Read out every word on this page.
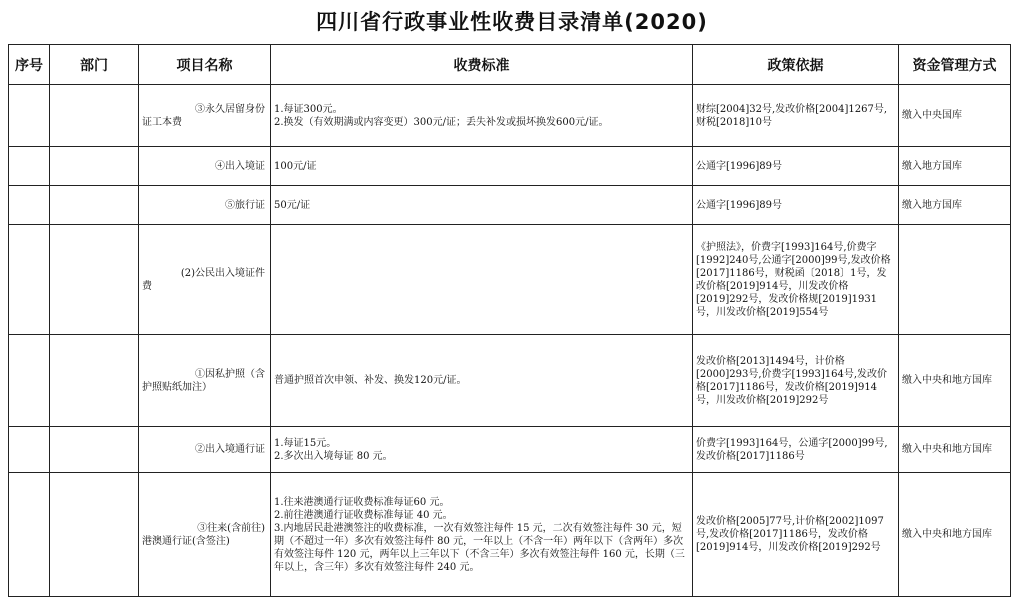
四川省行政事业性收费目录清单(2020)
序号	部门	项目名称	收费标准	政策依据	资金管理方式

		③永久居留身份
证工本费	1.每证300元。
2.换发（有效期满或内容变更）300元/证；丢失补发或损坏换发600元/证。	财综[2004]32号,发改价格[2004]1267号,财税[2018]10号	缴入中央国库

		④出入境证	100元/证	公通字[1996]89号	缴入地方国库

		⑤旅行证	50元/证	公通字[1996]89号	缴入地方国库

		(2)公民出入境证件
费		《护照法》，价费字[1993]164号,价费字[1992]240号,公通字[2000]99号,发改价格[2017]1186号，财税函〔2018〕1号，发改价格[2019]914号，川发改价格[2019]292号，发改价格规[2019]1931号，川发改价格[2019]554号	

		①因私护照（含
护照贴纸加注）	普通护照首次申领、补发、换发120元/证。	发改价格[2013]1494号，计价格[2000]293号,价费字[1993]164号,发改价格[2017]1186号，发改价格[2019]914号，川发改价格[2019]292号	缴入中央和地方国库

		②出入境通行证	1.每证15元。
2.多次出入境每证 80 元。	价费字[1993]164号，公通字[2000]99号,发改价格[2017]1186号	缴入中央和地方国库

		③往来(含前往)
港澳通行证(含签注)	1.往来港澳通行证收费标准每证60 元。
2.前往港澳通行证收费标准每证 40 元。
3.内地居民赴港澳签注的收费标准，一次有效签注每件 15 元，二次有效签注每件 30 元，短期（不超过一年）多次有效签注每件 80 元，一年以上（不含一年）两年以下（含两年）多次有效签注每件 120 元，两年以上三年以下（不含三年）多次有效签注每件 160 元，长期（三年以上，含三年）多次有效签注每件 240 元。	发改价格[2005]77号,计价格[2002]1097号,发改价格[2017]1186号，发改价格[2019]914号，川发改价格[2019]292号	缴入中央和地方国库
